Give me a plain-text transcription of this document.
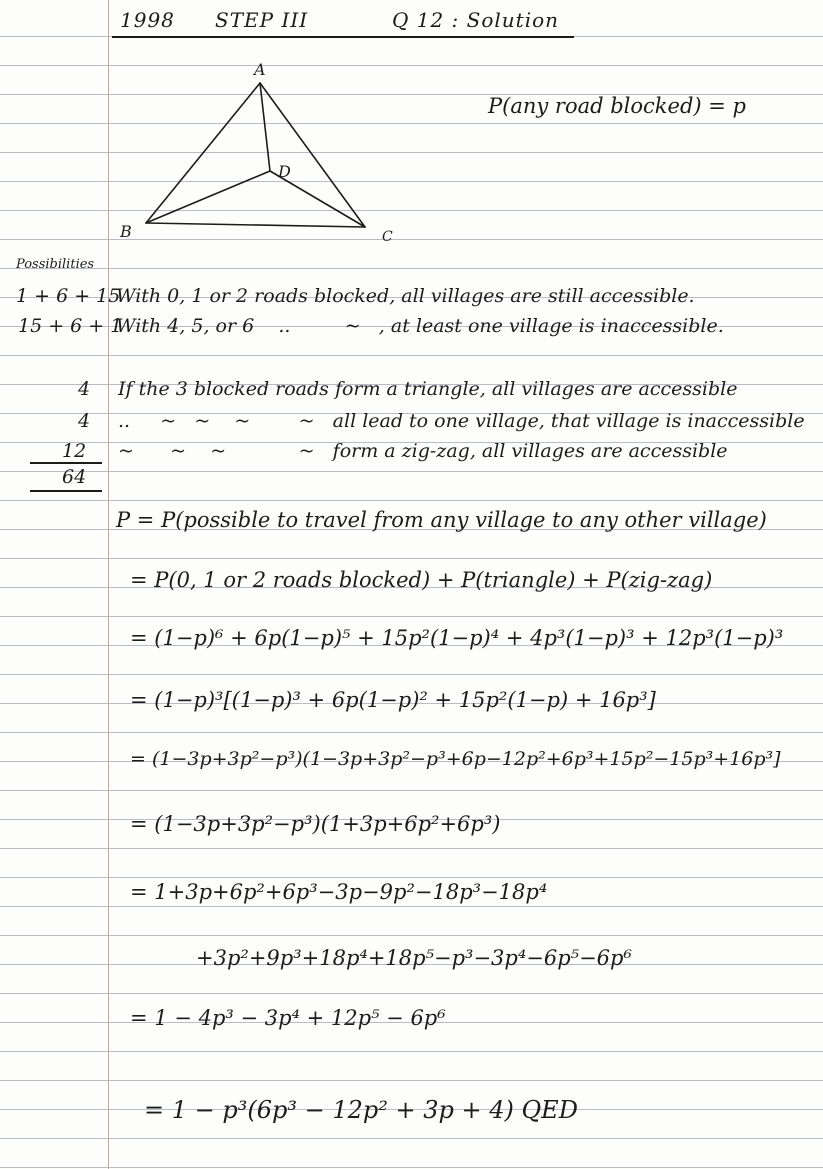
1998 STEP III	Q 12 : Solution
A
B	C
D
P(any road blocked) = p
Possibilities
1 + 6 + 15
With 0, 1 or 2 roads blocked, all villages are still accessible.
15 + 6 + 1
With 4, 5, or 6    ..         ~   , at least one village is inaccessible.
4 If the 3 blocked roads form a triangle, all villages are accessible
4 ..     ~   ~    ~        ~   all lead to one village, that village is inaccessible
12 ~      ~    ~            ~   form a zig-zag, all villages are accessible
64
P = P(possible to travel from any village to any other village)
= P(0, 1 or 2 roads blocked) + P(triangle) + P(zig-zag)
= (1−p)⁶ + 6p(1−p)⁵ + 15p²(1−p)⁴ + 4p³(1−p)³ + 12p³(1−p)³
= (1−p)³[(1−p)³ + 6p(1−p)² + 15p²(1−p) + 16p³]
= (1−3p+3p²−p³)(1−3p+3p²−p³+6p−12p²+6p³+15p²−15p³+16p³]
= (1−3p+3p²−p³)(1+3p+6p²+6p³)
= 1+3p+6p²+6p³−3p−9p²−18p³−18p⁴
+3p²+9p³+18p⁴+18p⁵−p³−3p⁴−6p⁵−6p⁶
= 1 − 4p³ − 3p⁴ + 12p⁵ − 6p⁶
= 1 − p³(6p³ − 12p² + 3p + 4) QED
